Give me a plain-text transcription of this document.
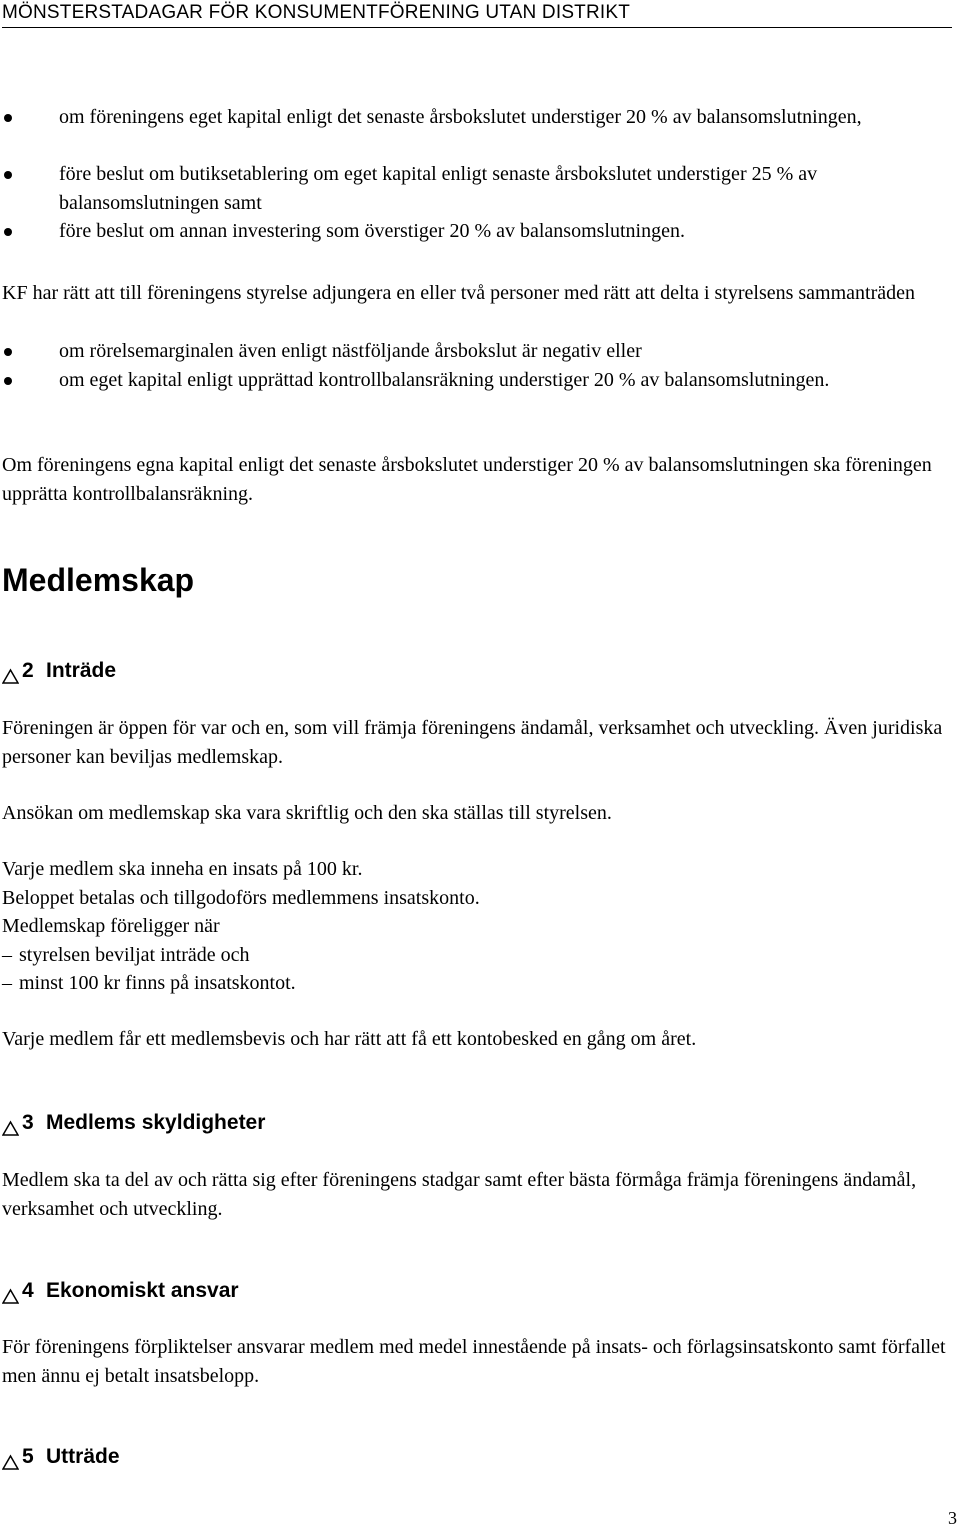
MÖNSTERSTADAGAR FÖR KONSUMENTFÖRENING UTAN DISTRIKT
om föreningens eget kapital enligt det senaste årsbokslutet understiger 20 % av balansomslutningen,
före beslut om butiksetablering om eget kapital enligt senaste årsbokslutet understiger 25 % av balansomslutningen samt
före beslut om annan investering som överstiger 20 % av balansomslutningen.
KF har rätt att till föreningens styrelse adjungera en eller två personer med rätt att delta i styrelsens sammanträden
om rörelsemarginalen även enligt nästföljande årsbokslut är negativ eller
om eget kapital enligt upprättad kontrollbalansräkning understiger 20 % av balansomslutningen.
Om föreningens egna kapital enligt det senaste årsbokslutet understiger 20 % av balansomslutningen ska föreningen upprätta kontrollbalansräkning.
Medlemskap
2 Inträde
Föreningen är öppen för var och en, som vill främja föreningens ändamål, verksamhet och utveckling. Även juridiska personer kan beviljas medlemskap.
Ansökan om medlemskap ska vara skriftlig och den ska ställas till styrelsen.
Varje medlem ska inneha en insats på 100 kr.
Beloppet betalas och tillgodoförs medlemmens insatskonto.
Medlemskap föreligger när
– styrelsen beviljat inträde och
– minst 100 kr finns på insatskontot.
Varje medlem får ett medlemsbevis och har rätt att få ett kontobesked en gång om året.
3 Medlems skyldigheter
Medlem ska ta del av och rätta sig efter föreningens stadgar samt efter bästa förmåga främja föreningens ändamål, verksamhet och utveckling.
4 Ekonomiskt ansvar
För föreningens förpliktelser ansvarar medlem med medel innestående på insats- och förlagsinsatskonto samt förfallet men ännu ej betalt insatsbelopp.
5 Utträde
3
